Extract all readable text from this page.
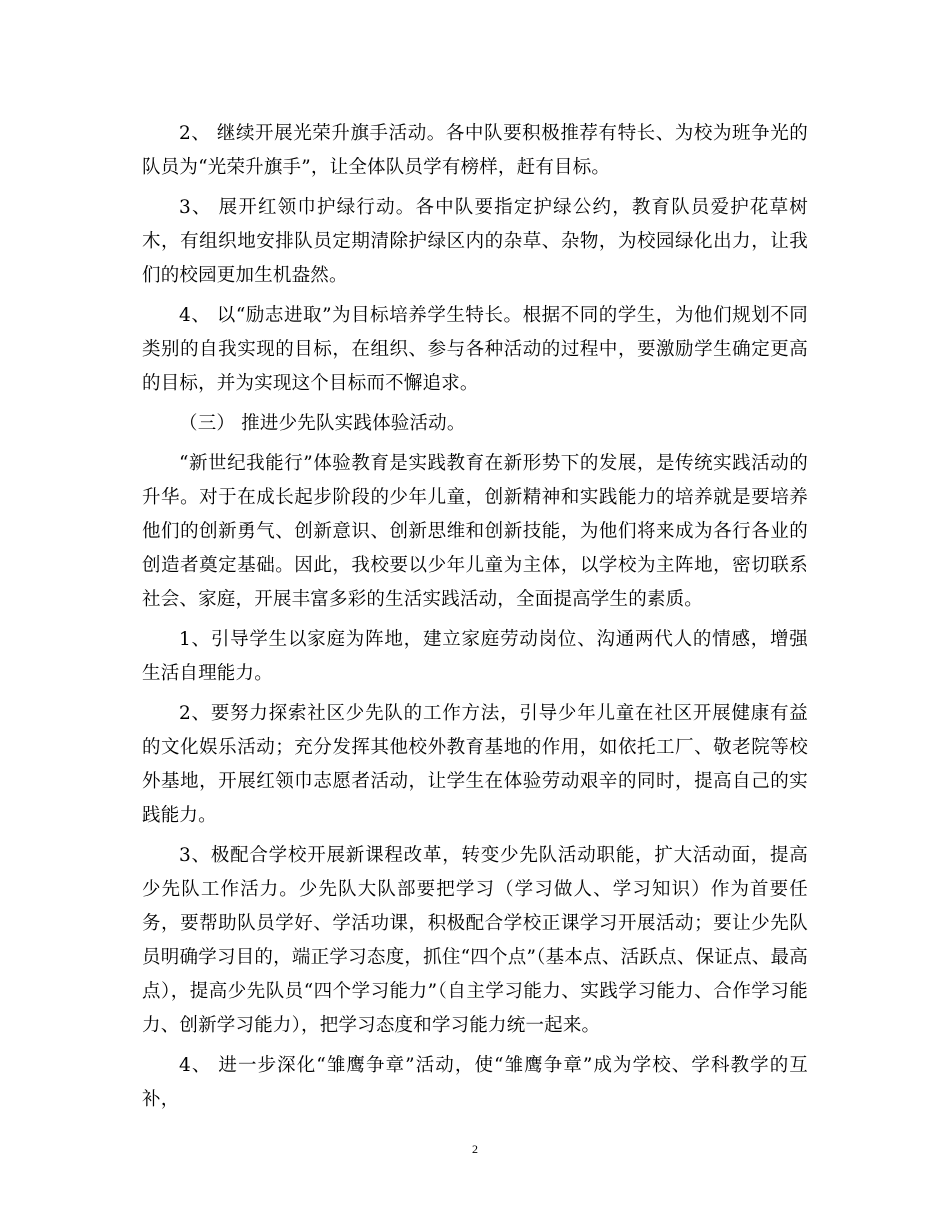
2、 继续开展光荣升旗手活动。各中队要积极推荐有特长、为校为班争光的队员为“光荣升旗手”，让全体队员学有榜样，赶有目标。

3、 展开红领巾护绿行动。各中队要指定护绿公约，教育队员爱护花草树木，有组织地安排队员定期清除护绿区内的杂草、杂物，为校园绿化出力，让我们的校园更加生机盎然。

4、 以“励志进取”为目标培养学生特长。根据不同的学生，为他们规划不同类别的自我实现的目标，在组织、参与各种活动的过程中，要激励学生确定更高的目标，并为实现这个目标而不懈追求。

（三） 推进少先队实践体验活动。

“新世纪我能行”体验教育是实践教育在新形势下的发展，是传统实践活动的升华。对于在成长起步阶段的少年儿童，创新精神和实践能力的培养就是要培养他们的创新勇气、创新意识、创新思维和创新技能，为他们将来成为各行各业的创造者奠定基础。因此，我校要以少年儿童为主体，以学校为主阵地，密切联系社会、家庭，开展丰富多彩的生活实践活动，全面提高学生的素质。

1、引导学生以家庭为阵地，建立家庭劳动岗位、沟通两代人的情感，增强生活自理能力。

2、要努力探索社区少先队的工作方法，引导少年儿童在社区开展健康有益的文化娱乐活动；充分发挥其他校外教育基地的作用，如依托工厂、敬老院等校外基地，开展红领巾志愿者活动，让学生在体验劳动艰辛的同时，提高自己的实践能力。

3、极配合学校开展新课程改革，转变少先队活动职能，扩大活动面，提高少先队工作活力。少先队大队部要把学习（学习做人、学习知识）作为首要任务，要帮助队员学好、学活功课，积极配合学校正课学习开展活动；要让少先队员明确学习目的，端正学习态度，抓住“四个点”（基本点、活跃点、保证点、最高点），提高少先队员“四个学习能力”（自主学习能力、实践学习能力、合作学习能力、创新学习能力），把学习态度和学习能力统一起来。

4、 进一步深化“雏鹰争章”活动，使“雏鹰争章”成为学校、学科教学的互补，

2
